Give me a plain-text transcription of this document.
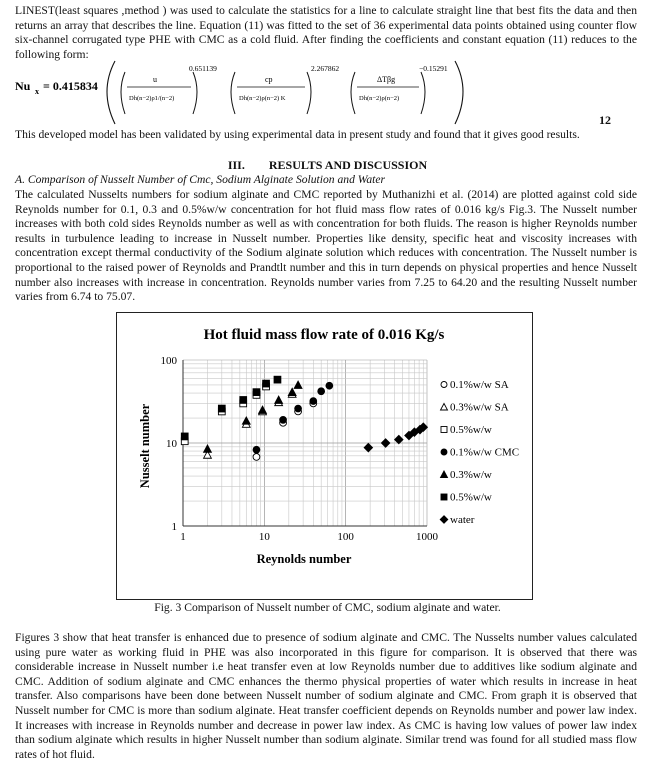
LINEST(least squares ,method ) was used to calculate the statistics for a line to calculate straight line that best fits the data and then returns an array that describes the line. Equation (11) was fitted to the set of 36 experimental data points obtained using counter flow six-channel corrugated type PHE with CMC as a cold fluid. After finding the coefficients and constant equation (11) reduces to the following form:

Nu x = 0.415834	u
Dh(n−2)ρ1/(n−2)
0.651139
cp
Dh(n−2)ρ(n−2) K
2.267862
ΔTβg
Dh(n−2)ρ(n−2)
−0.15291
12

This developed model has been validated by using experimental data in present study and found that it gives good results.

III.        RESULTS AND DISCUSSION
A. Comparison of Nusselt Number of Cmc, Sodium Alginate Solution and Water

The calculated Nusselts numbers for sodium alginate and CMC reported by Muthanizhi et al. (2014) are plotted against cold side Reynolds number for 0.1, 0.3 and 0.5%w/w concentration for hot fluid mass flow rates of 0.016 kg/s Fig.3. The Nusselt number increases with both cold sides Reynolds number as well as with concentration for both fluids. The reason is higher Reynolds number results in turbulence leading to increase in Nusselt number. Properties like density, specific heat and viscosity increases with concentration except thermal conductivity of the Sodium alginate solution which reduces with concentration. The Nusselt number is proportional to the raised power of Reynolds and Prandtlt number and this in turn depends on physical properties and hence Nusselt number also increases with increase in concentration. Reynolds number varies from 7.25 to 64.20 and the resulting Nusselt number varies from 6.74 to 75.07.

Hot fluid mass flow rate of 0.016 Kg/s
1	10	100	1000
1
10
100
0.1%w/w SA
0.3%w/w SA
0.5%w/w
0.1%w/w CMC
0.3%w/w
0.5%w/w
water
Reynolds number
Nusselt number
Fig. 3 Comparison of Nusselt number of CMC, sodium alginate and water.

Figures 3 show that heat transfer is enhanced due to presence of sodium alginate and CMC. The Nusselts number values calculated using pure water as working fluid in PHE was also incorporated in this figure for comparison. It is observed that there was considerable increase in Nusselt number i.e heat transfer even at low Reynolds number due to additives like sodium alginate and CMC. Addition of sodium alginate and CMC enhances the thermo physical properties of water which results in increase in heat transfer. Also comparisons have been done between Nusselt number of sodium alginate and CMC. From graph it is observed that Nusselt number for CMC is more than sodium alginate. Heat transfer coefficient depends on Reynolds number and power law index. It increases with increase in Reynolds number and decrease in power law index. As CMC is having low values of power law index than sodium alginate which results in higher Nusselt number than sodium alginate. Similar trend was found for all studied mass flow rates of hot fluid.
